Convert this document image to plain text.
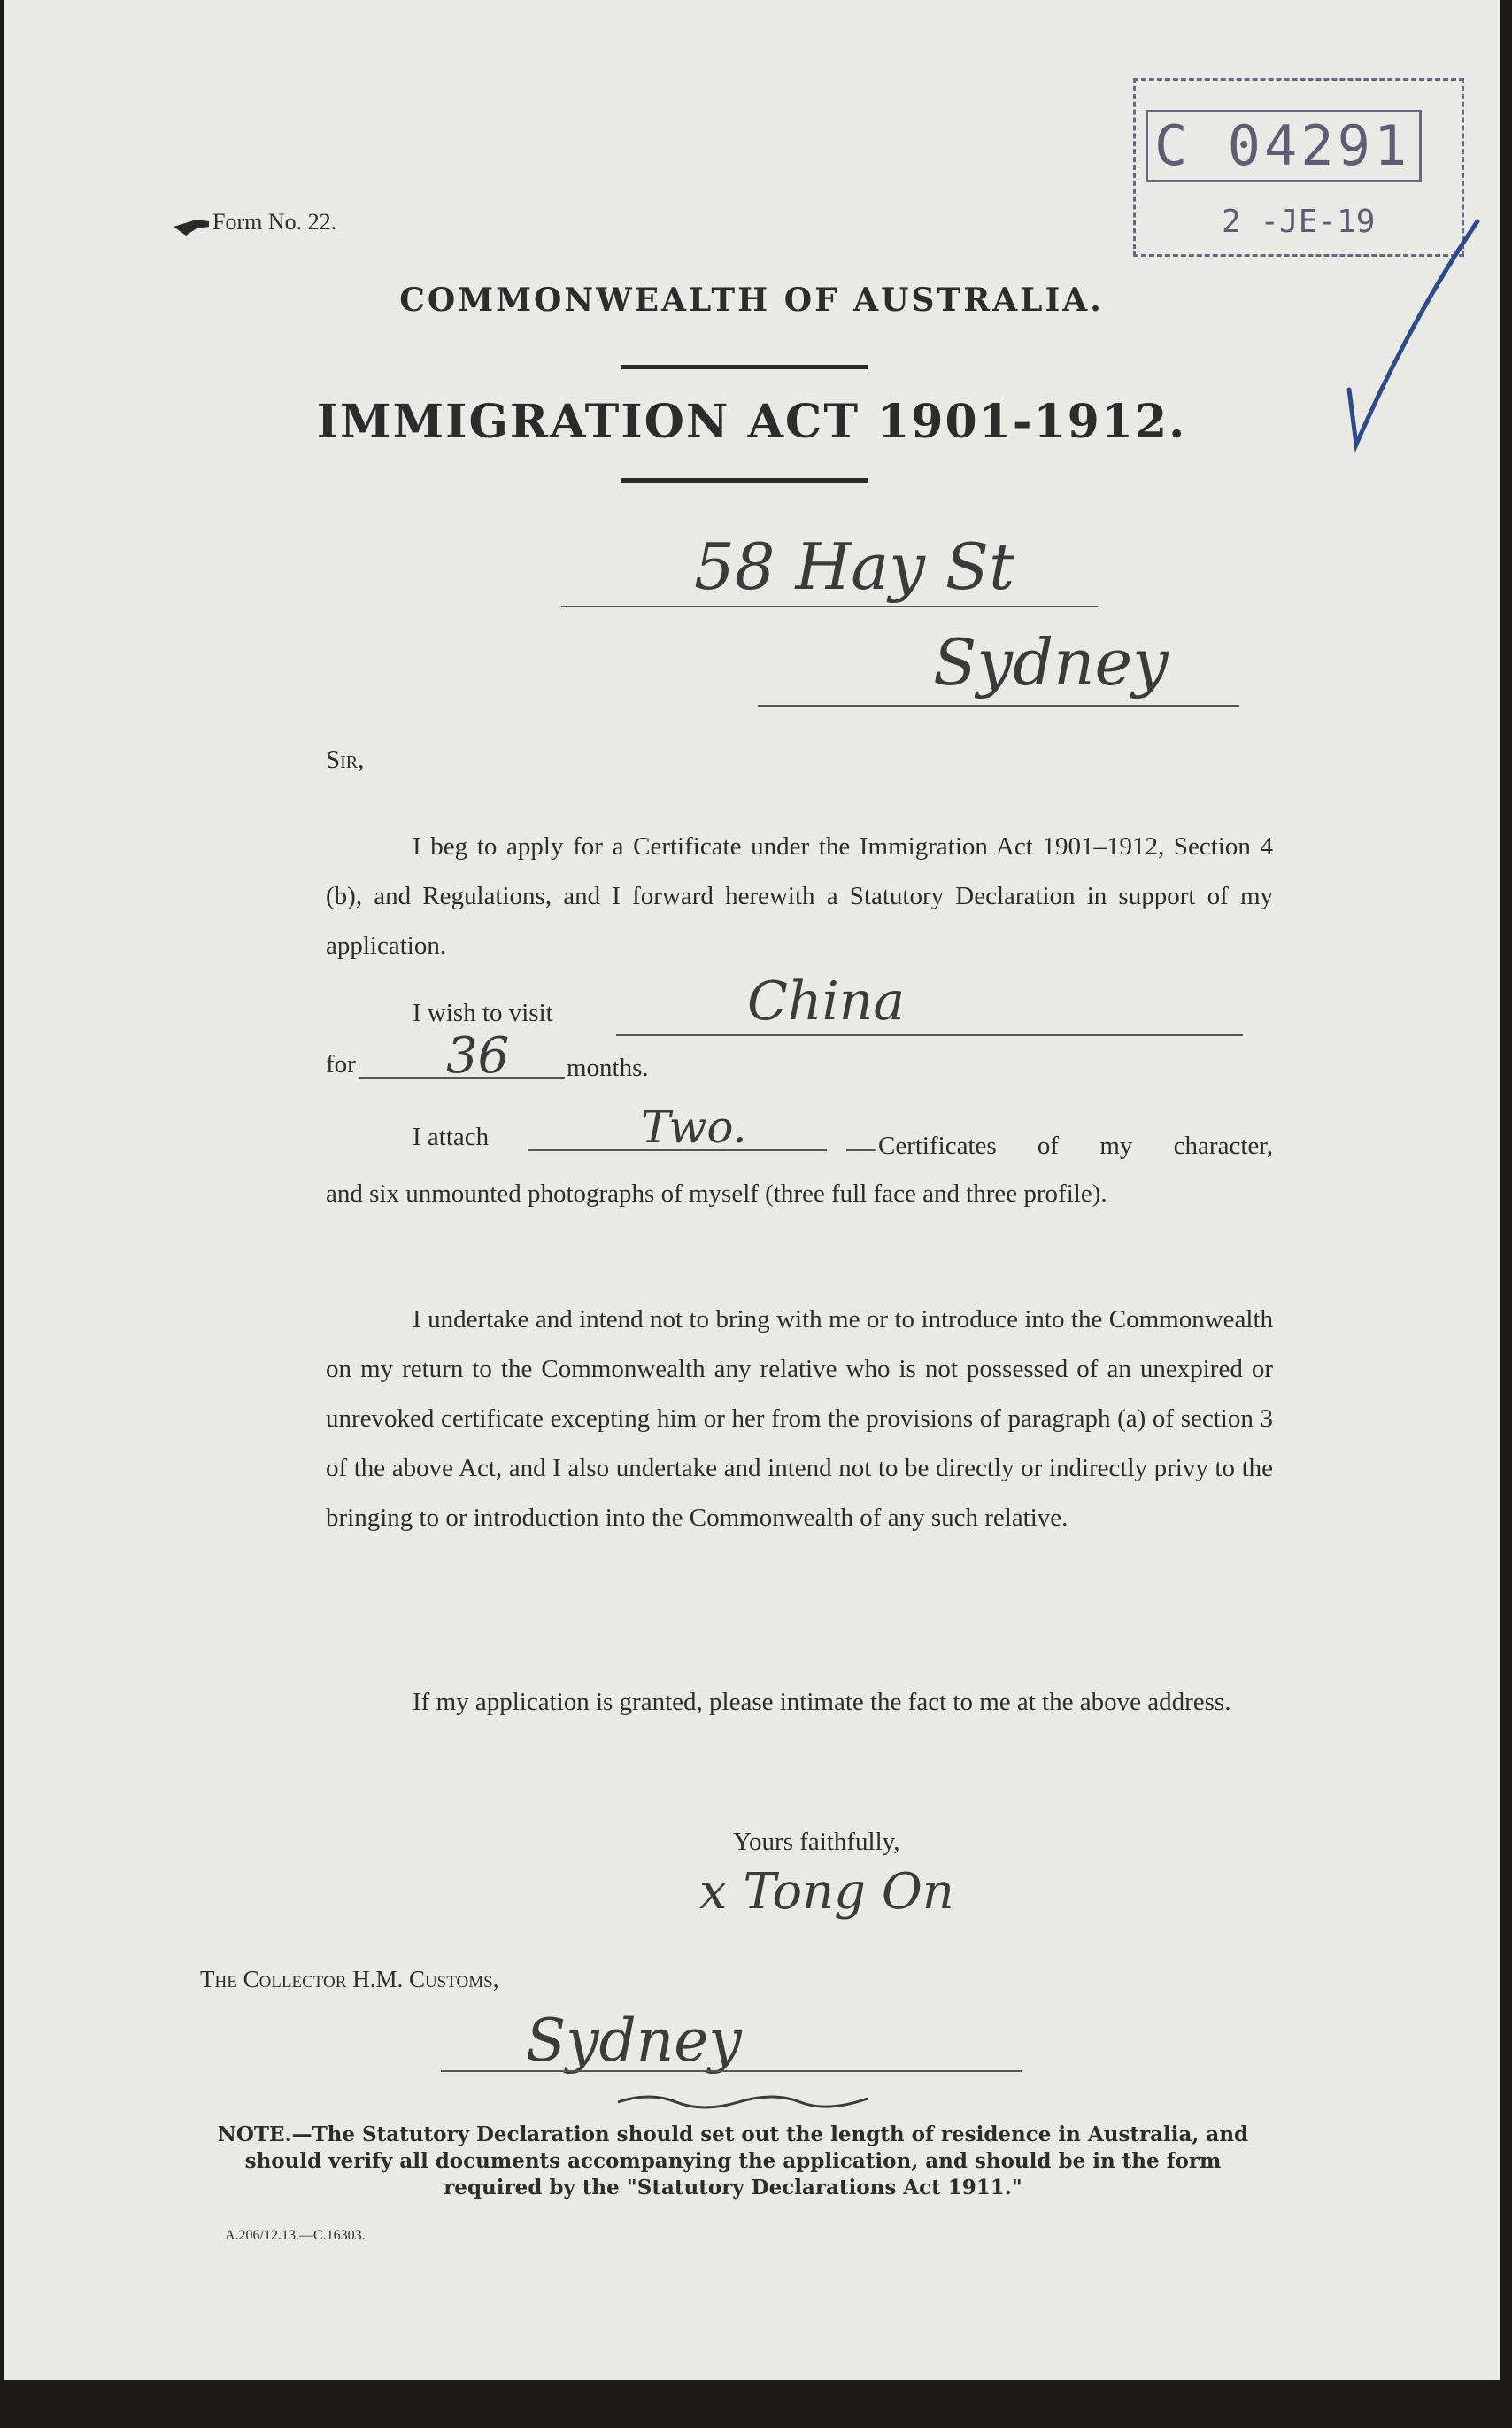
C 04291
2 -JE-19
Form No. 22.
COMMONWEALTH OF AUSTRALIA.
IMMIGRATION ACT 1901-1912.
58 Hay St
Sydney
Sir,
I beg to apply for a Certificate under the Immigration Act 1901–1912, Section 4 (b), and Regulations, and I forward herewith a Statutory Declaration in support of my application.
I wish to visit	China
for 36 months.
I attach	Two.	Certificates of my character,
and six unmounted photographs of myself (three full face and three profile).
I undertake and intend not to bring with me or to introduce into the Commonwealth on my return to the Commonwealth any relative who is not possessed of an unexpired or unrevoked certificate excepting him or her from the provisions of paragraph (a) of section 3 of the above Act, and I also undertake and intend not to be directly or indirectly privy to the bringing to or introduction into the Commonwealth of any such relative.
If my application is granted, please intimate the fact to me at the above address.
Yours faithfully,
x Tong On
The Collector H.M. Customs,
Sydney
NOTE.—The Statutory Declaration should set out the length of residence in Australia, and should verify all documents accompanying the application, and should be in the form required by the "Statutory Declarations Act 1911."
A.206/12.13.—C.16303.
